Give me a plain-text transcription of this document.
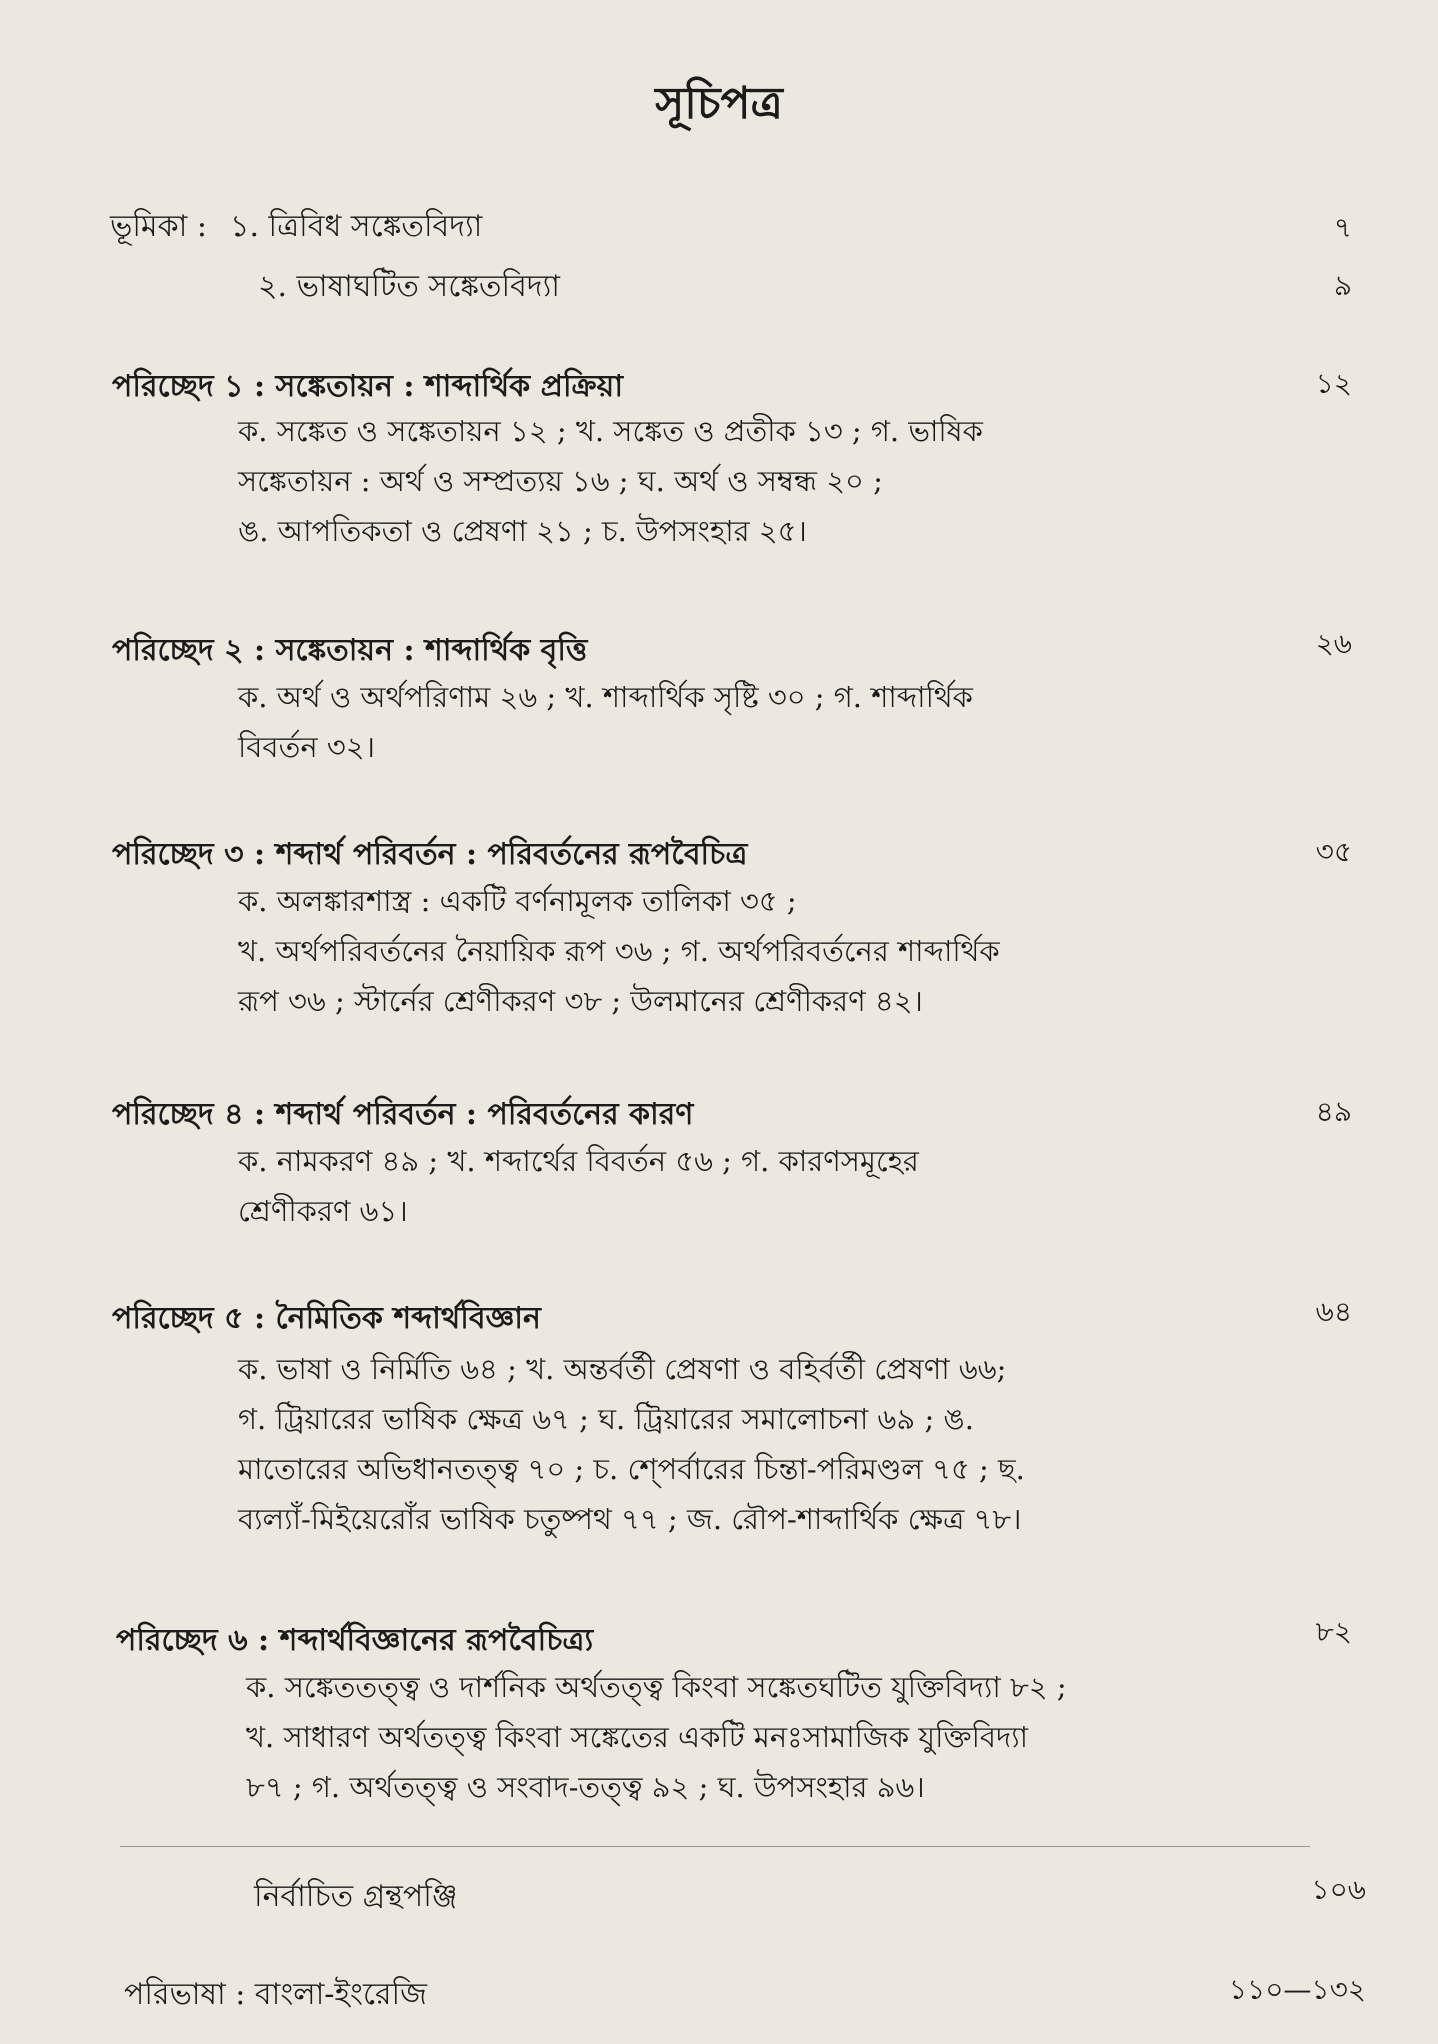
সূচিপত্র
ভূমিকা : ১. ত্রিবিধ সঙ্কেতবিদ্যা	৭
২. ভাষাঘটিত সঙ্কেতবিদ্যা	৯
পরিচ্ছেদ ১ : সঙ্কেতায়ন : শাব্দার্থিক প্রক্রিয়া	১২
ক. সঙ্কেত ও সঙ্কেতায়ন ১২ ; খ. সঙ্কেত ও প্রতীক ১৩ ; গ. ভাষিক
সঙ্কেতায়ন : অর্থ ও সম্প্রত্যয় ১৬ ; ঘ. অর্থ ও সম্বন্ধ ২০ ;
ঙ. আপতিকতা ও প্রেষণা ২১ ; চ. উপসংহার ২৫।
পরিচ্ছেদ ২ : সঙ্কেতায়ন : শাব্দার্থিক বৃত্তি	২৬
ক. অর্থ ও অর্থপরিণাম ২৬ ; খ. শাব্দার্থিক সৃষ্টি ৩০ ; গ. শাব্দার্থিক
বিবর্তন ৩২।
পরিচ্ছেদ ৩ : শব্দার্থ পরিবর্তন : পরিবর্তনের রূপবৈচিত্র	৩৫
ক. অলঙ্কারশাস্ত্র : একটি বর্ণনামূলক তালিকা ৩৫ ;
খ. অর্থপরিবর্তনের নৈয়ায়িক রূপ ৩৬ ; গ. অর্থপরিবর্তনের শাব্দার্থিক
রূপ ৩৬ ; স্টার্নের শ্রেণীকরণ ৩৮ ; উলমানের শ্রেণীকরণ ৪২।
পরিচ্ছেদ ৪ : শব্দার্থ পরিবর্তন : পরিবর্তনের কারণ	৪৯
ক. নামকরণ ৪৯ ; খ. শব্দার্থের বিবর্তন ৫৬ ; গ. কারণসমূহের
শ্রেণীকরণ ৬১।
পরিচ্ছেদ ৫ : নৈমিতিক শব্দার্থবিজ্ঞান	৬৪
ক. ভাষা ও নির্মিতি ৬৪ ; খ. অন্তর্বর্তী প্রেষণা ও বহির্বর্তী প্রেষণা ৬৬;
গ. ট্রিয়ারের ভাষিক ক্ষেত্র ৬৭ ; ঘ. ট্রিয়ারের সমালোচনা ৬৯ ; ঙ.
মাতোরের অভিধানতত্ত্ব ৭০ ; চ. শ্পের্বারের চিন্তা-পরিমণ্ডল ৭৫ ; ছ.
ব্যল্যাঁ-মিইয়েরোঁর ভাষিক চতুষ্পথ ৭৭ ; জ. রৌপ-শাব্দার্থিক ক্ষেত্র ৭৮।
পরিচ্ছেদ ৬ : শব্দার্থবিজ্ঞানের রূপবৈচিত্র্য	৮২
ক. সঙ্কেততত্ত্ব ও দার্শনিক অর্থতত্ত্ব কিংবা সঙ্কেতঘটিত যুক্তিবিদ্যা ৮২ ;
খ. সাধারণ অর্থতত্ত্ব কিংবা সঙ্কেতের একটি মনঃসামাজিক যুক্তিবিদ্যা
৮৭ ; গ. অর্থতত্ত্ব ও সংবাদ-তত্ত্ব ৯২ ; ঘ. উপসংহার ৯৬।
নির্বাচিত গ্রন্থপঞ্জি	১০৬
পরিভাষা : বাংলা-ইংরেজি	১১০—১৩২
